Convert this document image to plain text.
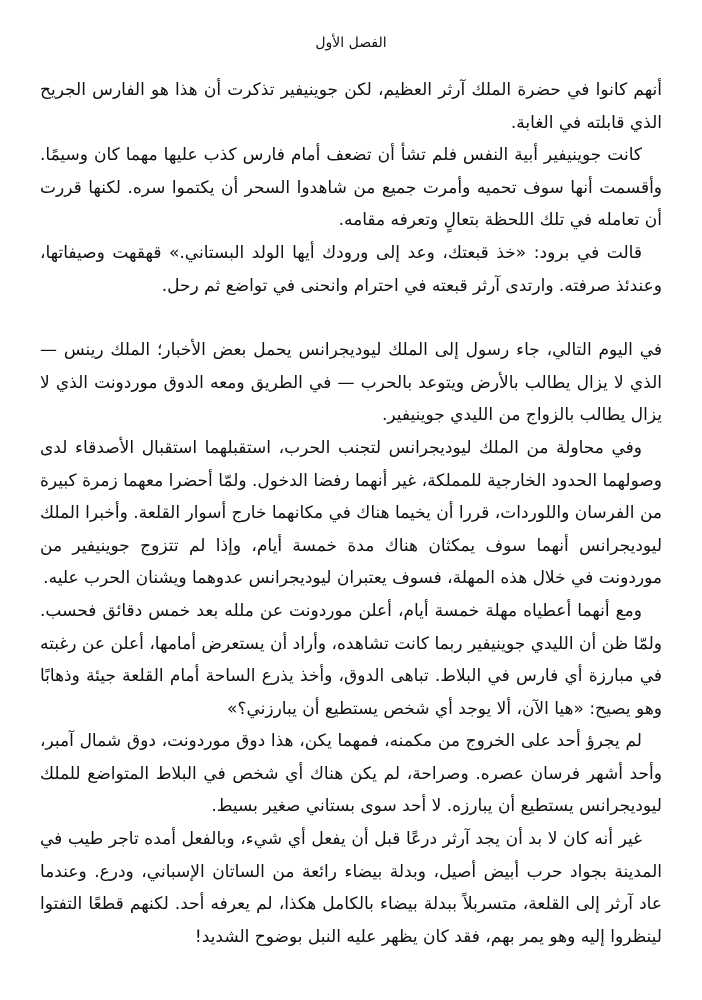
الفصل الأول

أنهم كانوا في حضرة الملك آرثر العظيم، لكن جوينيفير تذكرت أن هذا هو الفارس الجريح الذي قابلته في الغابة.

كانت جوينيفير أبية النفس فلم تشأ أن تضعف أمام فارس كذب عليها مهما كان وسيمًا. وأقسمت أنها سوف تحميه وأمرت جميع من شاهدوا السحر أن يكتموا سره. لكنها قررت أن تعامله في تلك اللحظة بتعالٍ وتعرفه مقامه.

قالت في برود: «خذ قبعتك، وعد إلى ورودك أيها الولد البستاني.» قهقهت وصيفاتها، وعندئذ صرفته. وارتدى آرثر قبعته في احترام وانحنى في تواضع ثم رحل.

في اليوم التالي، جاء رسول إلى الملك ليوديجرانس يحمل بعض الأخبار؛ الملك رينس — الذي لا يزال يطالب بالأرض ويتوعد بالحرب — في الطريق ومعه الدوق موردونت الذي لا يزال يطالب بالزواج من الليدي جوينيفير.

وفي محاولة من الملك ليوديجرانس لتجنب الحرب، استقبلهما استقبال الأصدقاء لدى وصولهما الحدود الخارجية للمملكة، غير أنهما رفضا الدخول. ولمّا أحضرا معهما زمرة كبيرة من الفرسان واللوردات، قررا أن يخيما هناك في مكانهما خارج أسوار القلعة. وأخبرا الملك ليوديجرانس أنهما سوف يمكثان هناك مدة خمسة أيام، وإذا لم تتزوج جوينيفير من موردونت في خلال هذه المهلة، فسوف يعتبران ليوديجرانس عدوهما ويشنان الحرب عليه.

ومع أنهما أعطياه مهلة خمسة أيام، أعلن موردونت عن ملله بعد خمس دقائق فحسب. ولمّا ظن أن الليدي جوينيفير ربما كانت تشاهده، وأراد أن يستعرض أمامها، أعلن عن رغبته في مبارزة أي فارس في البلاط. تباهى الدوق، وأخذ يذرع الساحة أمام القلعة جيئة وذهابًا وهو يصيح: «هيا الآن، ألا يوجد أي شخص يستطيع أن يبارزني؟»

لم يجرؤ أحد على الخروج من مكمنه، فمهما يكن، هذا دوق موردونت، دوق شمال آمبر، وأحد أشهر فرسان عصره. وصراحة، لم يكن هناك أي شخص في البلاط المتواضع للملك ليوديجرانس يستطيع أن يبارزه. لا أحد سوى بستاني صغير بسيط.

غير أنه كان لا بد أن يجد آرثر درعًا قبل أن يفعل أي شيء، وبالفعل أمده تاجر طيب في المدينة بجواد حرب أبيض أصيل، وبدلة بيضاء رائعة من الساتان الإسباني، ودرع. وعندما عاد آرثر إلى القلعة، متسربلاً ببدلة بيضاء بالكامل هكذا، لم يعرفه أحد. لكنهم قطعًا التفتوا لينظروا إليه وهو يمر بهم، فقد كان يظهر عليه النبل بوضوح الشديد!
